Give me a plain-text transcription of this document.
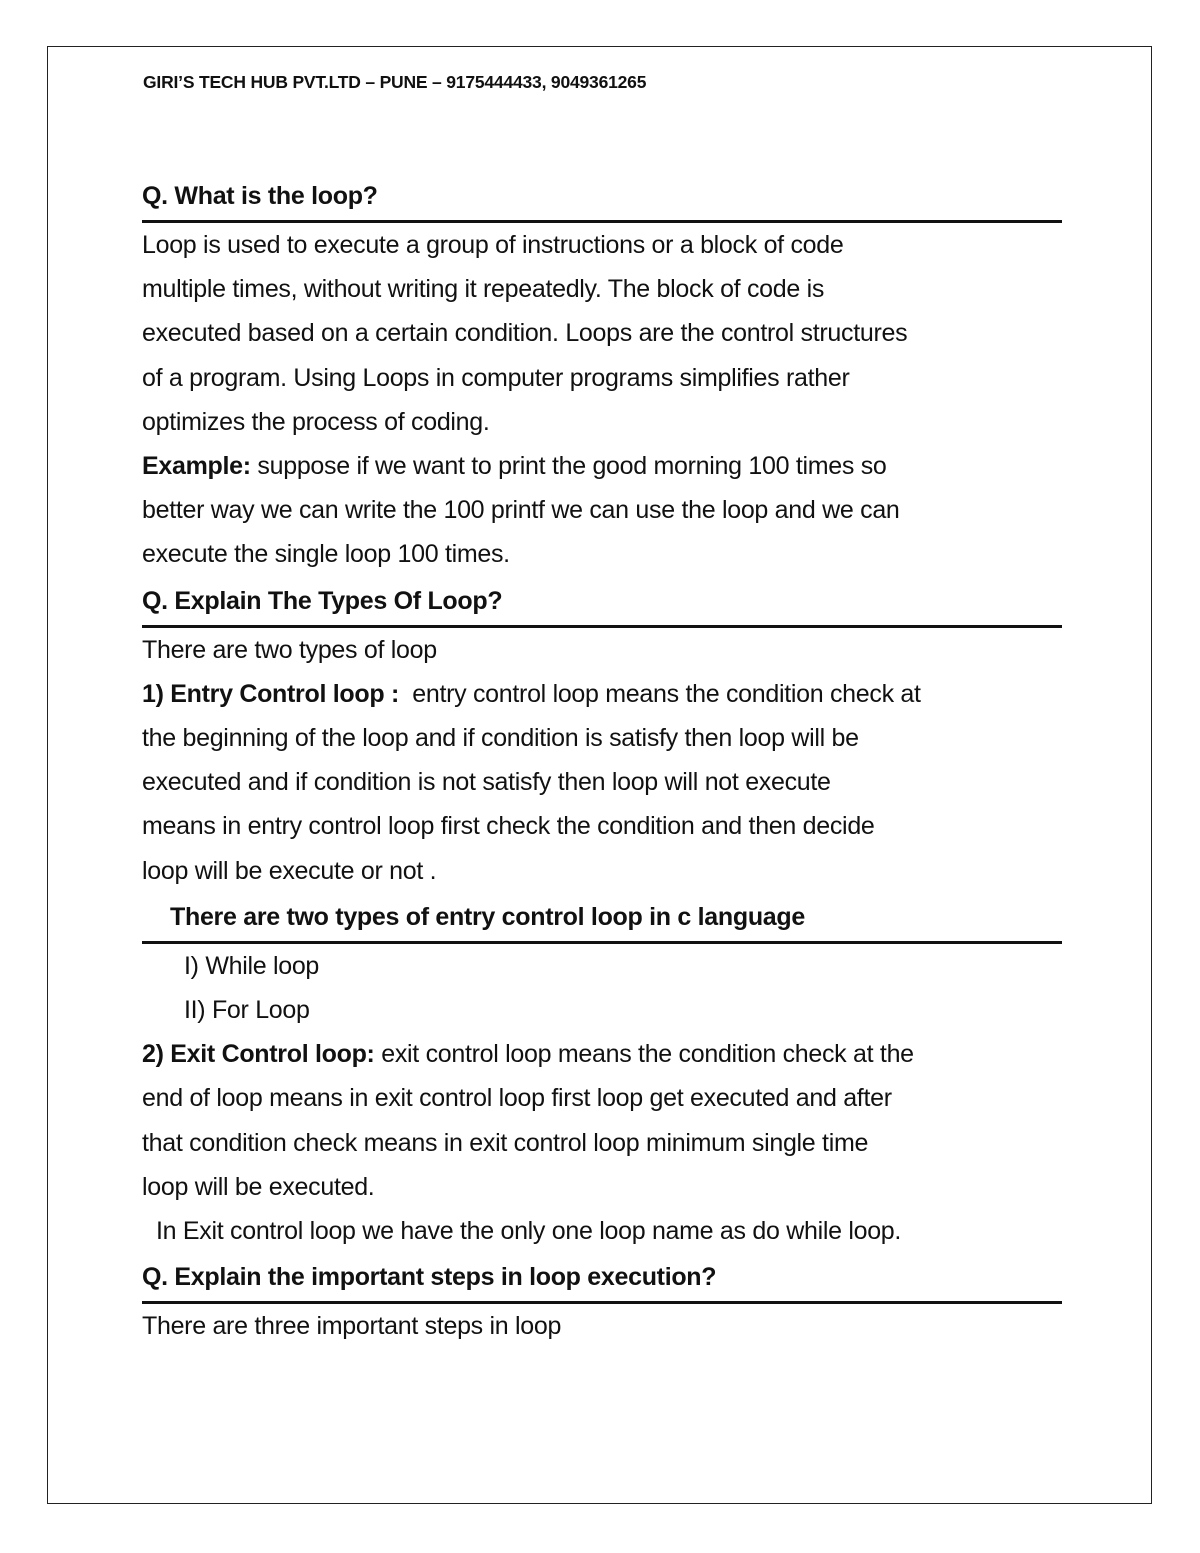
GIRI’S TECH HUB PVT.LTD – PUNE – 9175444433, 9049361265

Q. What is the loop?

Loop is used to execute a group of instructions or a block of code

multiple times, without writing it repeatedly. The block of code is

executed based on a certain condition. Loops are the control structures

of a program. Using Loops in computer programs simplifies rather

optimizes the process of coding.

Example: suppose if we want to print the good morning 100 times so

better way we can write the 100 printf we can use the loop and we can

execute the single loop 100 times.

Q. Explain The Types Of Loop?

There are two types of loop

1) Entry Control loop :  entry control loop means the condition check at

the beginning of the loop and if condition is satisfy then loop will be

executed and if condition is not satisfy then loop will not execute

means in entry control loop first check the condition and then decide

loop will be execute or not .

There are two types of entry control loop in c language

I) While loop

II) For Loop

2) Exit Control loop: exit control loop means the condition check at the

end of loop means in exit control loop first loop get executed and after

that condition check means in exit control loop minimum single time

loop will be executed.

In Exit control loop we have the only one loop name as do while loop.

Q. Explain the important steps in loop execution?

There are three important steps in loop
